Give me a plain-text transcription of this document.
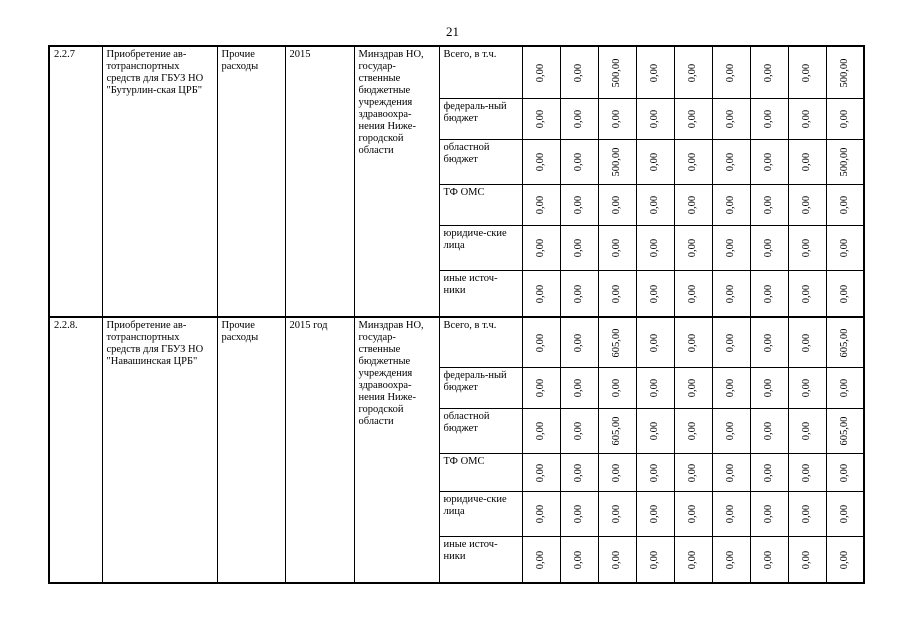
21
2.2.7	Приобретение ав-тотранспортных средств для ГБУЗ НО "Бутурлин-ская ЦРБ"	Прочие расходы	2015	Минздрав НО, государ-ственные бюджетные учреждения здравоохра-нения Ниже-городской области	Всего, в т.ч.	0,00	0,00	500,00	0,00	0,00	0,00	0,00	0,00	500,00

					федераль-ный бюджет	0,00	0,00	0,00	0,00	0,00	0,00	0,00	0,00	0,00

					областной бюджет	0,00	0,00	500,00	0,00	0,00	0,00	0,00	0,00	500,00

					ТФ ОМС	0,00	0,00	0,00	0,00	0,00	0,00	0,00	0,00	0,00

					юридиче-ские лица	0,00	0,00	0,00	0,00	0,00	0,00	0,00	0,00	0,00

					иные источ-ники	0,00	0,00	0,00	0,00	0,00	0,00	0,00	0,00	0,00

2.2.8.	Приобретение ав-тотранспортных средств для ГБУЗ НО "Навашинская ЦРБ"	Прочие расходы	2015 год	Минздрав НО, государ-ственные бюджетные учреждения здравоохра-нения Ниже-городской области	Всего, в т.ч.	0,00	0,00	605,00	0,00	0,00	0,00	0,00	0,00	605,00

					федераль-ный бюджет	0,00	0,00	0,00	0,00	0,00	0,00	0,00	0,00	0,00

					областной бюджет	0,00	0,00	605,00	0,00	0,00	0,00	0,00	0,00	605,00

					ТФ ОМС	0,00	0,00	0,00	0,00	0,00	0,00	0,00	0,00	0,00

					юридиче-ские лица	0,00	0,00	0,00	0,00	0,00	0,00	0,00	0,00	0,00

					иные источ-ники	0,00	0,00	0,00	0,00	0,00	0,00	0,00	0,00	0,00
